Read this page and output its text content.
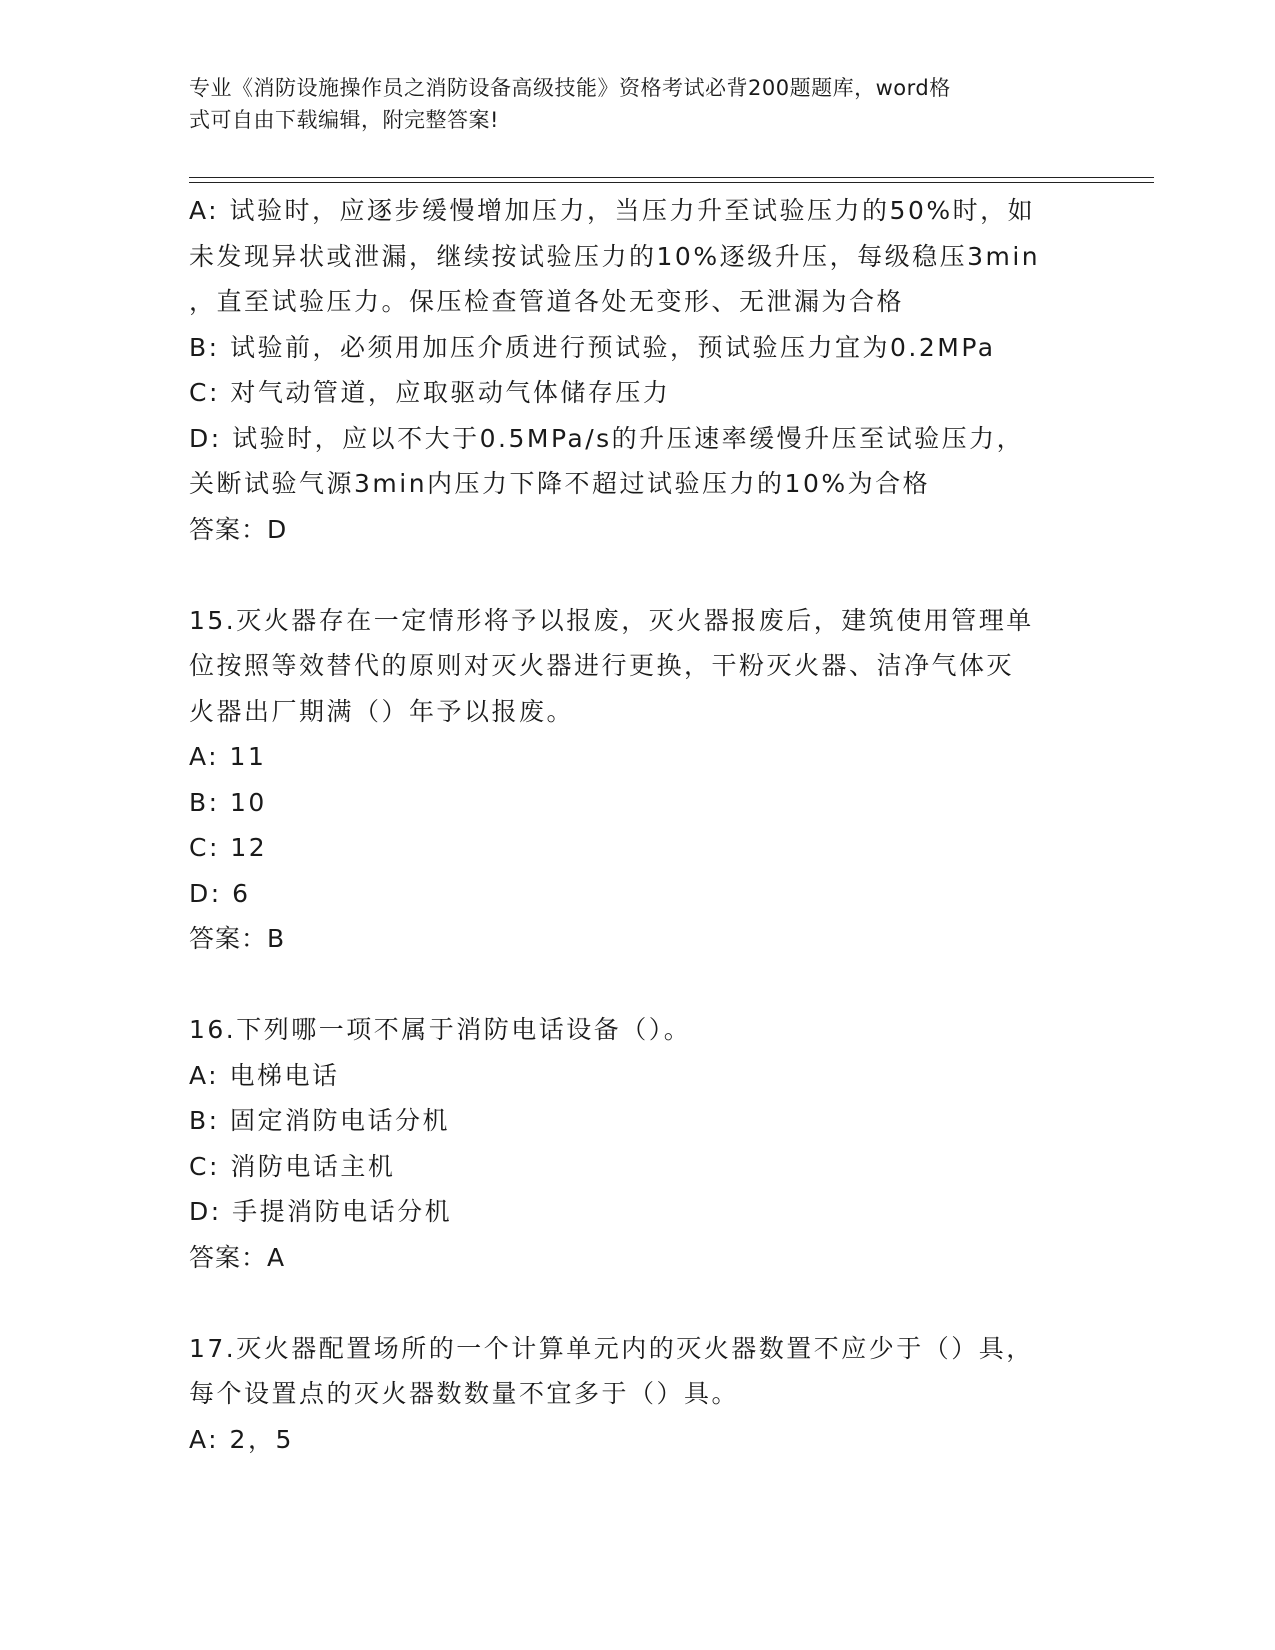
专业《消防设施操作员之消防设备高级技能》资格考试必背200题题库，word格
式可自由下载编辑，附完整答案!
A: 试验时，应逐步缓慢增加压力，当压力升至试验压力的50%时，如
未发现异状或泄漏，继续按试验压力的10%逐级升压，每级稳压3min
，直至试验压力。保压检查管道各处无变形、无泄漏为合格
B: 试验前，必须用加压介质进行预试验，预试验压力宜为0.2MPa
C: 对气动管道，应取驱动气体储存压力
D: 试验时，应以不大于0.5MPa/s的升压速率缓慢升压至试验压力，
关断试验气源3min内压力下降不超过试验压力的10%为合格
答案：D
15.灭火器存在一定情形将予以报废，灭火器报废后，建筑使用管理单
位按照等效替代的原则对灭火器进行更换，干粉灭火器、洁净气体灭
火器出厂期满（）年予以报废。
A: 11
B: 10
C: 12
D: 6
答案：B
16.下列哪一项不属于消防电话设备（）。
A: 电梯电话
B: 固定消防电话分机
C: 消防电话主机
D: 手提消防电话分机
答案：A
17.灭火器配置场所的一个计算单元内的灭火器数置不应少于（）具，
每个设置点的灭火器数数量不宜多于（）具。
A: 2，5
